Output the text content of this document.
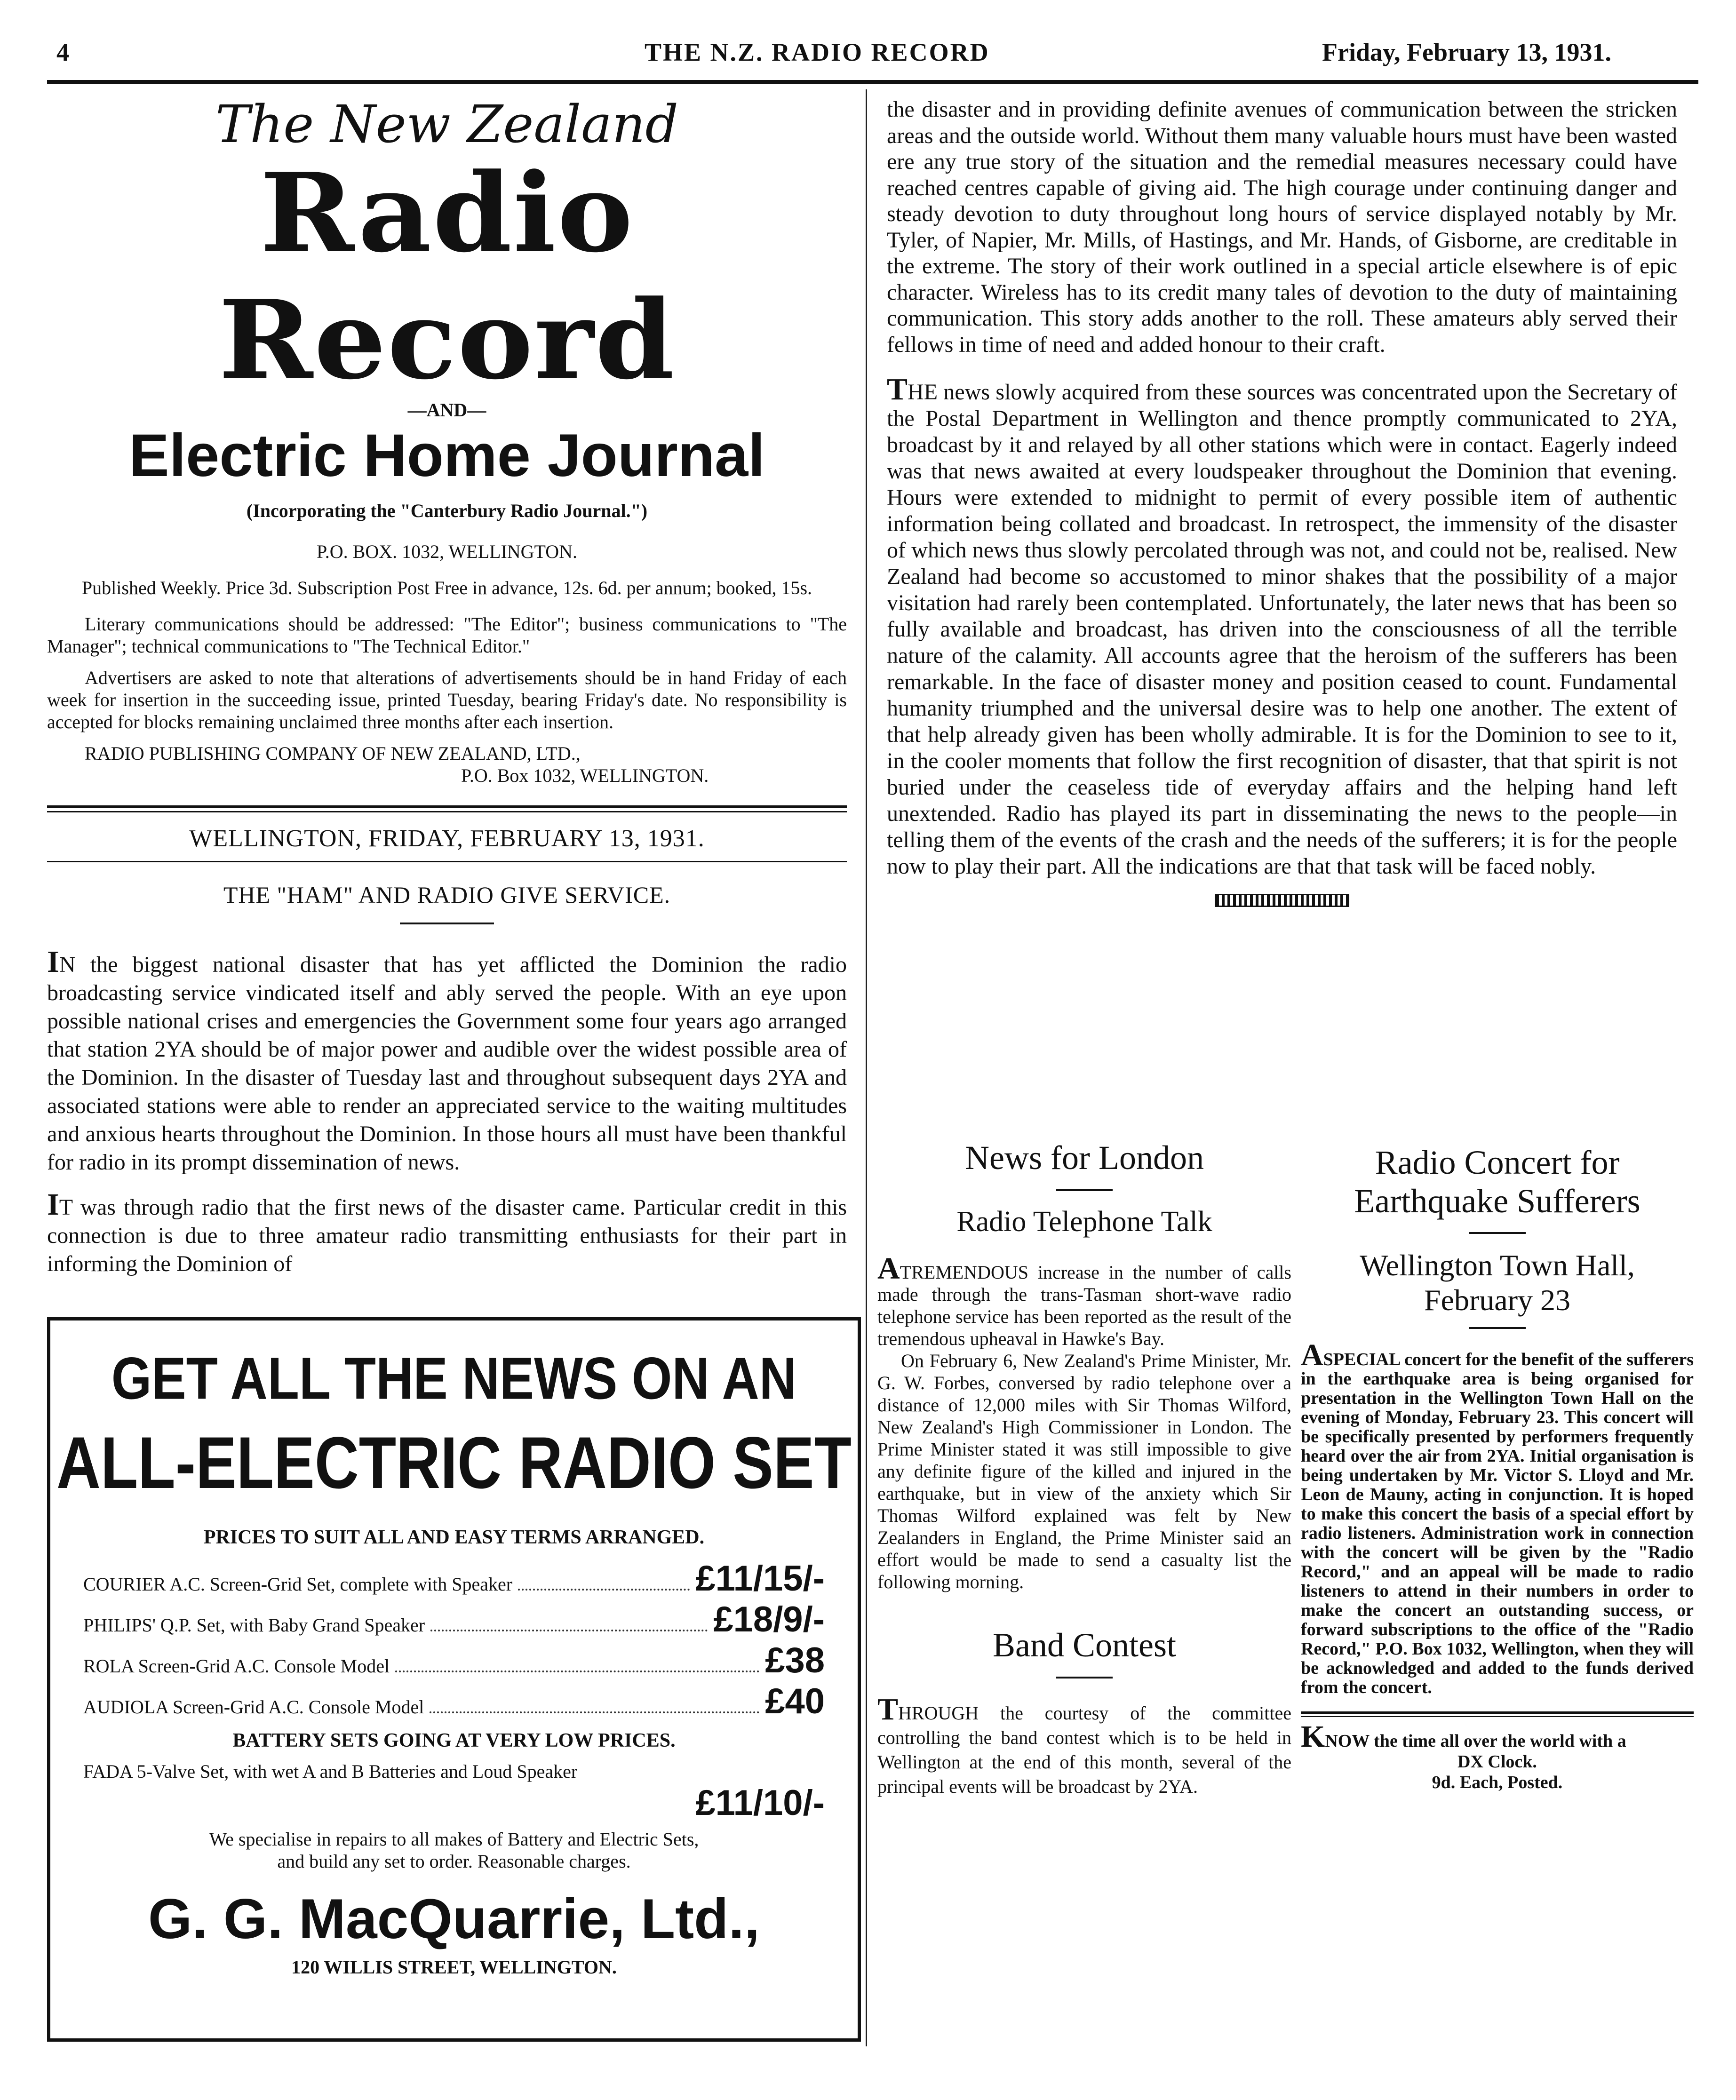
4	THE N.Z. RADIO RECORD	Friday, February 13, 1931.
The New Zealand
Radio Record
—AND—
Electric Home Journal
(Incorporating the "Canterbury Radio Journal.")
P.O. BOX. 1032, WELLINGTON.

Published Weekly. Price 3d. Subscription Post Free in advance, 12s. 6d. per annum; booked, 15s.

Literary communications should be addressed: "The Editor"; business communications to "The Manager"; technical communications to "The Technical Editor."

Advertisers are asked to note that alterations of advertisements should be in hand Friday of each week for insertion in the succeeding issue, printed Tuesday, bearing Friday's date. No responsibility is accepted for blocks remaining unclaimed three months after each insertion.

RADIO PUBLISHING COMPANY OF NEW ZEALAND, LTD.,
P.O. Box 1032, WELLINGTON.
WELLINGTON, FRIDAY, FEBRUARY 13, 1931.
THE "HAM" AND RADIO GIVE SERVICE.

IN the biggest national disaster that has yet afflicted the Dominion the radio broadcasting service vindicated itself and ably served the people. With an eye upon possible national crises and emergencies the Government some four years ago arranged that station 2YA should be of major power and audible over the widest possible area of the Dominion. In the disaster of Tuesday last and throughout subsequent days 2YA and associated stations were able to render an appreciated service to the waiting multitudes and anxious hearts throughout the Dominion. In those hours all must have been thankful for radio in its prompt dissemination of news.

IT was through radio that the first news of the disaster came. Particular credit in this connection is due to three amateur radio transmitting enthusiasts for their part in informing the Dominion of

GET ALL THE NEWS ON AN
ALL-ELECTRIC RADIO SET
PRICES TO SUIT ALL AND EASY TERMS ARRANGED.
COURIER A.C. Screen-Grid Set, complete with Speaker	£11/15/-
PHILIPS' Q.P. Set, with Baby Grand Speaker	£18/9/-
ROLA Screen-Grid A.C. Console Model	£38
AUDIOLA Screen-Grid A.C. Console Model	£40
BATTERY SETS GOING AT VERY LOW PRICES.
FADA 5-Valve Set, with wet A and B Batteries and Loud Speaker
£11/10/-
We specialise in repairs to all makes of Battery and Electric Sets,
and build any set to order. Reasonable charges.
G. G. MacQuarrie, Ltd.,
120 WILLIS STREET, WELLINGTON.

the disaster and in providing definite avenues of communication between the stricken areas and the outside world. Without them many valuable hours must have been wasted ere any true story of the situation and the remedial measures necessary could have reached centres capable of giving aid. The high courage under continuing danger and steady devotion to duty throughout long hours of service displayed notably by Mr. Tyler, of Napier, Mr. Mills, of Hastings, and Mr. Hands, of Gisborne, are creditable in the extreme. The story of their work outlined in a special article elsewhere is of epic character. Wireless has to its credit many tales of devotion to the duty of maintaining communication. This story adds another to the roll. These amateurs ably served their fellows in time of need and added honour to their craft.

THE news slowly acquired from these sources was concentrated upon the Secretary of the Postal Department in Wellington and thence promptly communicated to 2YA, broadcast by it and relayed by all other stations which were in contact. Eagerly indeed was that news awaited at every loudspeaker throughout the Dominion that evening. Hours were extended to midnight to permit of every possible item of authentic information being collated and broadcast. In retrospect, the immensity of the disaster of which news thus slowly percolated through was not, and could not be, realised. New Zealand had become so accustomed to minor shakes that the possibility of a major visitation had rarely been contemplated. Unfortunately, the later news that has been so fully available and broadcast, has driven into the consciousness of all the terrible nature of the calamity. All accounts agree that the heroism of the sufferers has been remarkable. In the face of disaster money and position ceased to count. Fundamental humanity triumphed and the universal desire was to help one another. The extent of that help already given has been wholly admirable. It is for the Dominion to see to it, in the cooler moments that follow the first recognition of disaster, that that spirit is not buried under the ceaseless tide of everyday affairs and the helping hand left unextended. Radio has played its part in disseminating the news to the people—in telling them of the events of the crash and the needs of the sufferers; it is for the people now to play their part. All the indications are that that task will be faced nobly.

News for London
Radio Telephone Talk

ATREMENDOUS increase in the number of calls made through the trans-Tasman short-wave radio telephone service has been reported as the result of the tremendous upheaval in Hawke's Bay.

On February 6, New Zealand's Prime Minister, Mr. G. W. Forbes, conversed by radio telephone over a distance of 12,000 miles with Sir Thomas Wilford, New Zealand's High Commissioner in London. The Prime Minister stated it was still impossible to give any definite figure of the killed and injured in the earthquake, but in view of the anxiety which Sir Thomas Wilford explained was felt by New Zealanders in England, the Prime Minister said an effort would be made to send a casualty list the following morning.

Band Contest

THROUGH the courtesy of the committee controlling the band contest which is to be held in Wellington at the end of this month, several of the principal events will be broadcast by 2YA.

Radio Concert for Earthquake Sufferers
Wellington Town Hall,
February 23

ASPECIAL concert for the benefit of the sufferers in the earthquake area is being organised for presentation in the Wellington Town Hall on the evening of Monday, February 23. This concert will be specifically presented by performers frequently heard over the air from 2YA. Initial organisation is being undertaken by Mr. Victor S. Lloyd and Mr. Leon de Mauny, acting in conjunction. It is hoped to make this concert the basis of a special effort by radio listeners. Administration work in connection with the concert will be given by the "Radio Record," and an appeal will be made to radio listeners to attend in their numbers in order to make the concert an outstanding success, or forward subscriptions to the office of the "Radio Record," P.O. Box 1032, Wellington, when they will be acknowledged and added to the funds derived from the concert.

KNOW the time all over the world with a
DX Clock.
9d. Each, Posted.
